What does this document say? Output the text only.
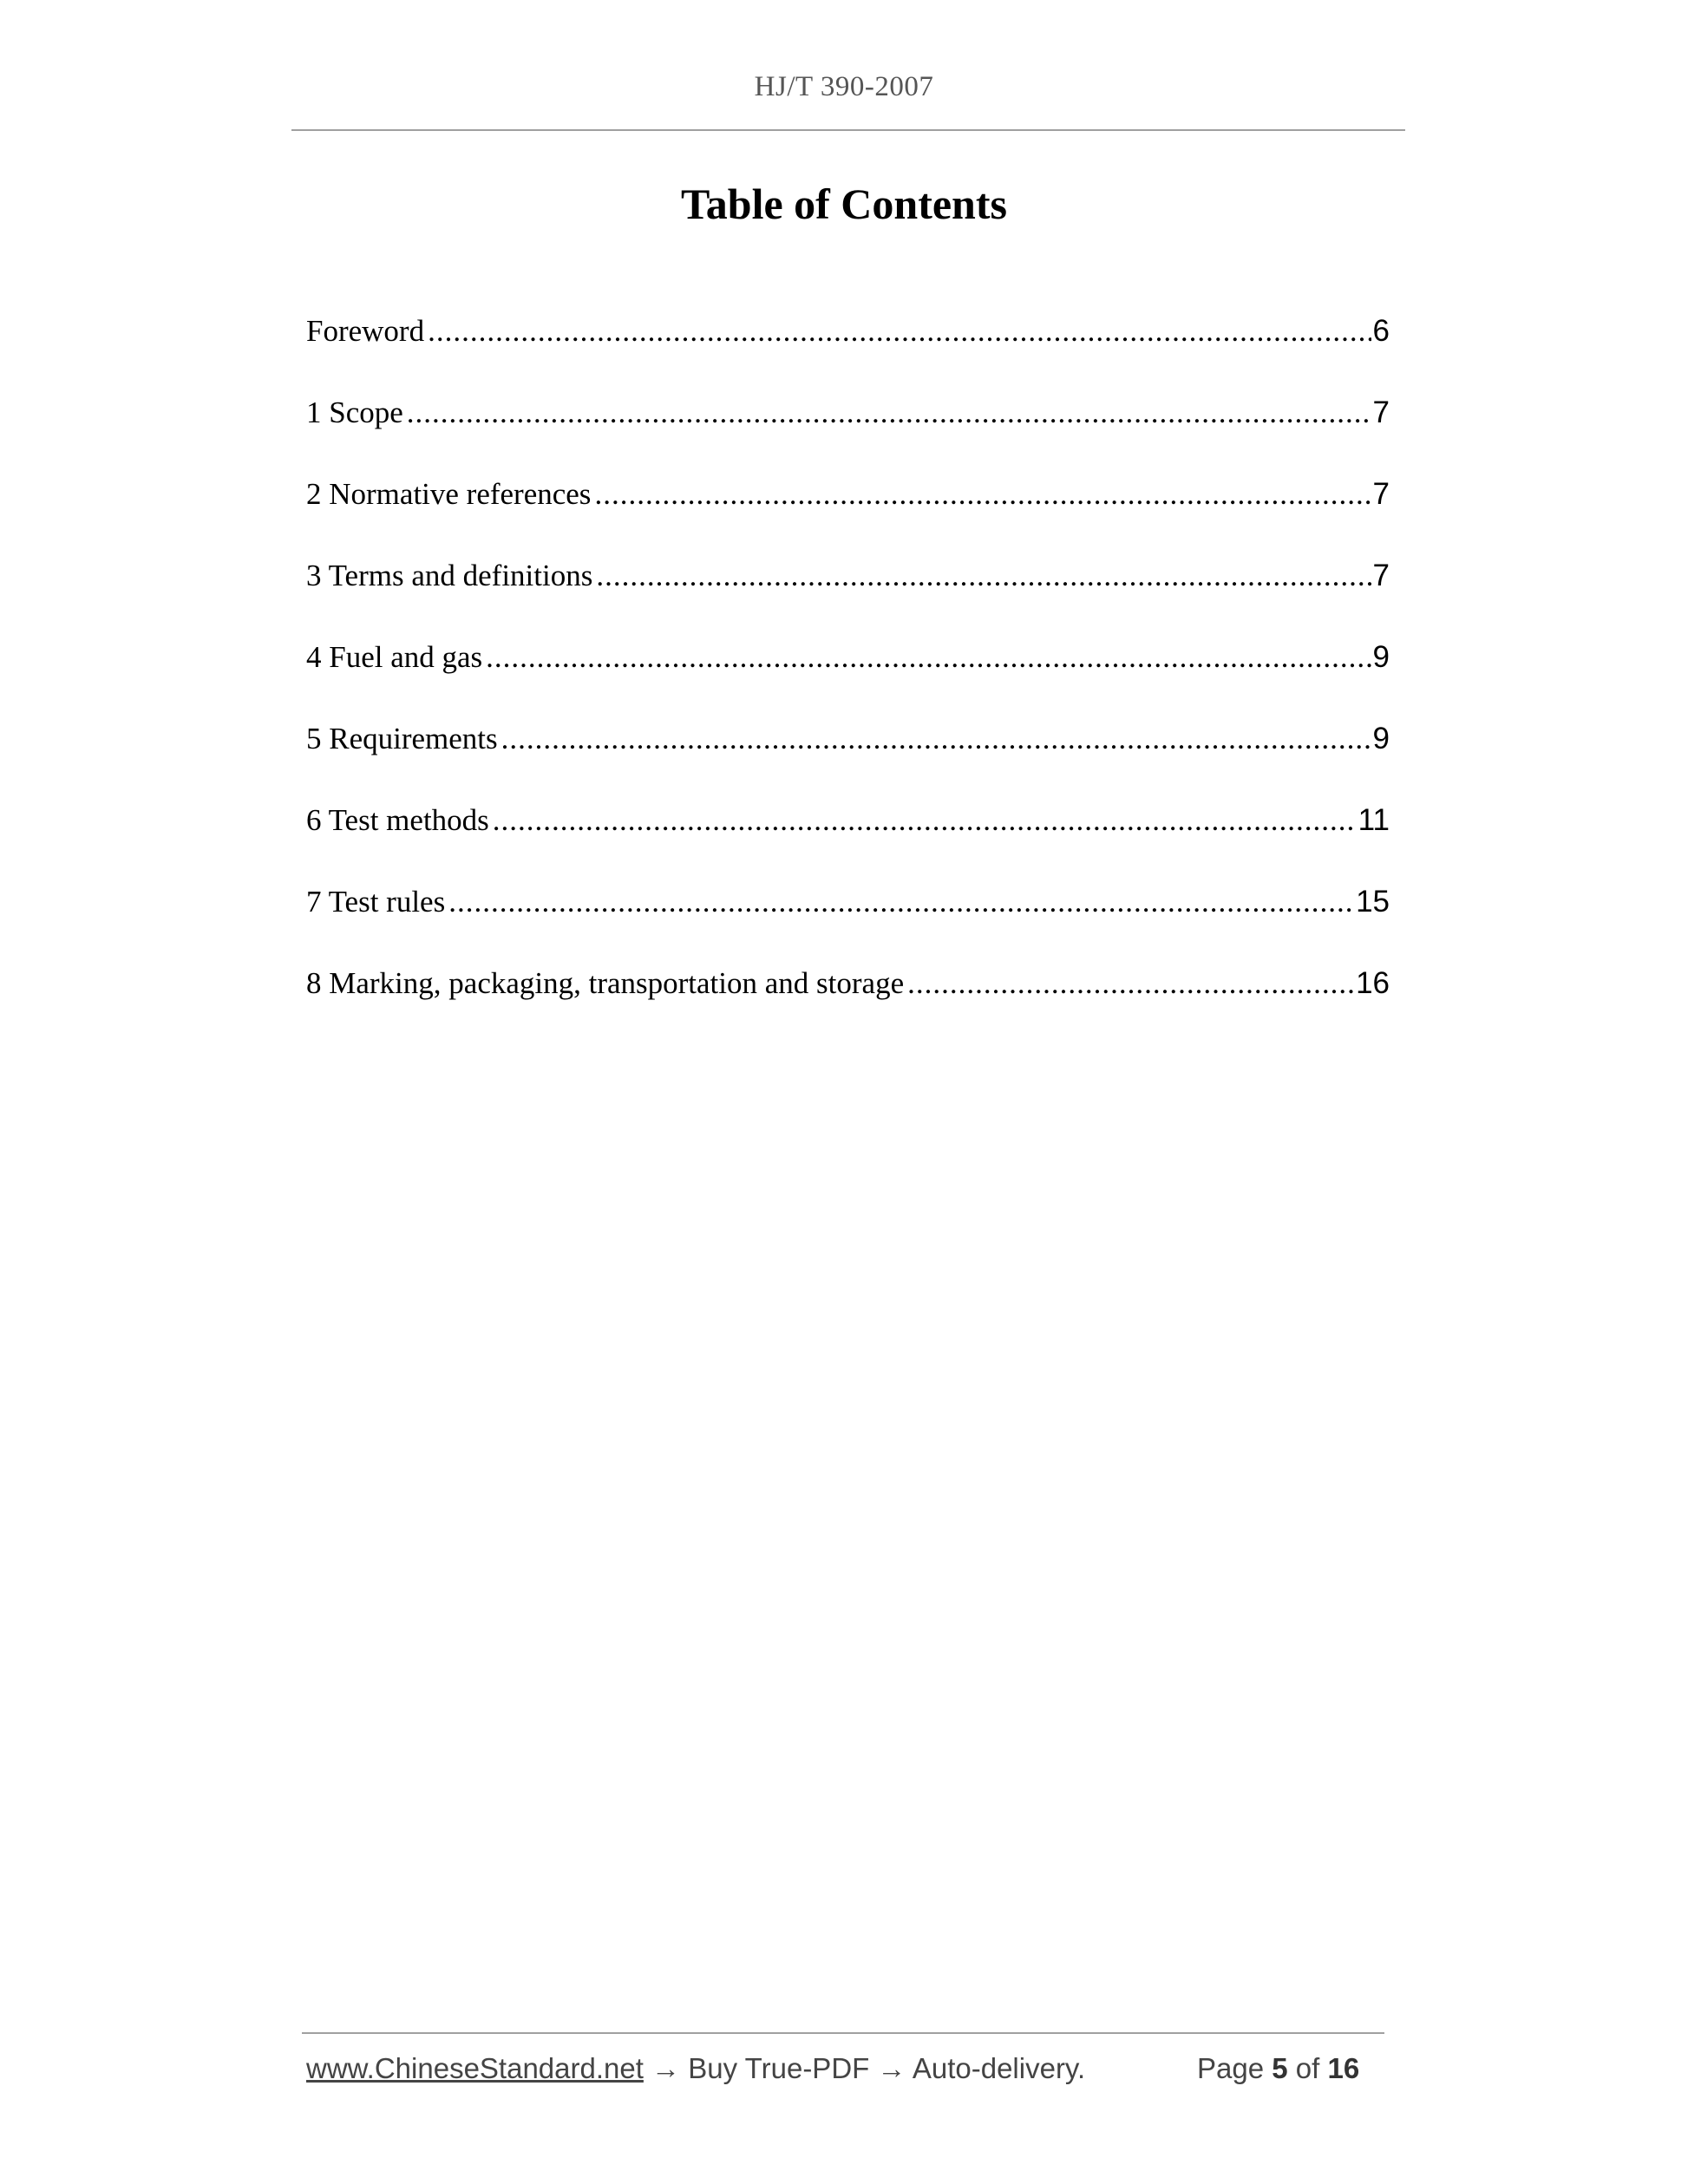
HJ/T 390-2007
Table of Contents
Foreword .....	6
1 Scope .....	7
2 Normative references .....	7
3 Terms and definitions .....	7
4 Fuel and gas .....	9
5 Requirements .....	9
6 Test methods .....	11
7 Test rules .....	15
8 Marking, packaging, transportation and storage .....	16
www.ChineseStandard.net → Buy True-PDF → Auto-delivery.	Page 5 of 16
